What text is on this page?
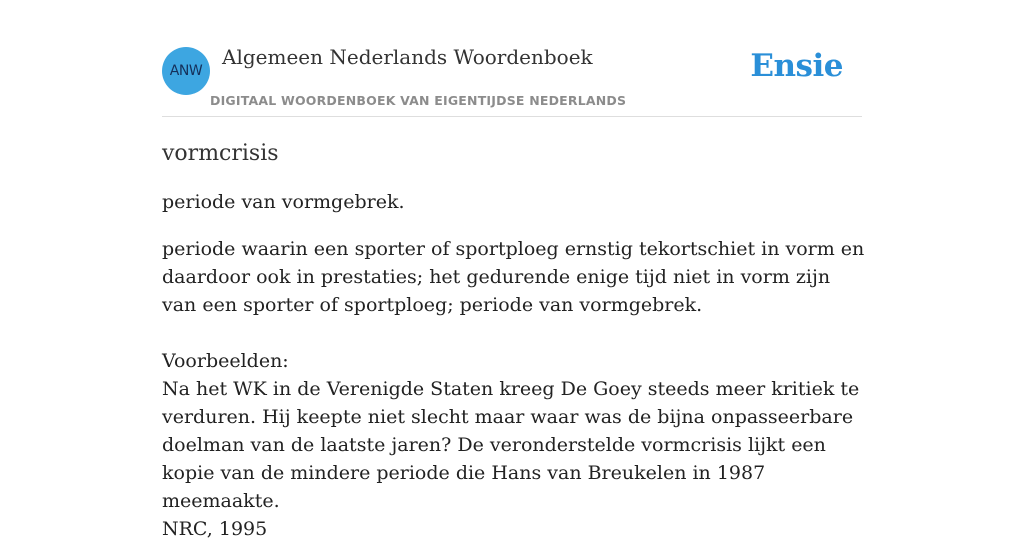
ANW
Algemeen Nederlands Woordenboek
DIGITAAL WOORDENBOEK VAN EIGENTIJDSE NEDERLANDS
Ensie
vormcrisis

periode van vormgebrek.

periode waarin een sporter of sportploeg ernstig tekortschiet in vorm en daardoor ook in prestaties; het gedurende enige tijd niet in vorm zijn van een sporter of sportploeg; periode van vormgebrek.

Voorbeelden:

Na het WK in de Verenigde Staten kreeg De Goey steeds meer kritiek te verduren. Hij keepte niet slecht maar waar was de bijna onpasseerbare doelman van de laatste jaren? De veronderstelde vormcrisis lijkt een kopie van de mindere periode die Hans van Breukelen in 1987 meemaakte.

NRC, 1995
